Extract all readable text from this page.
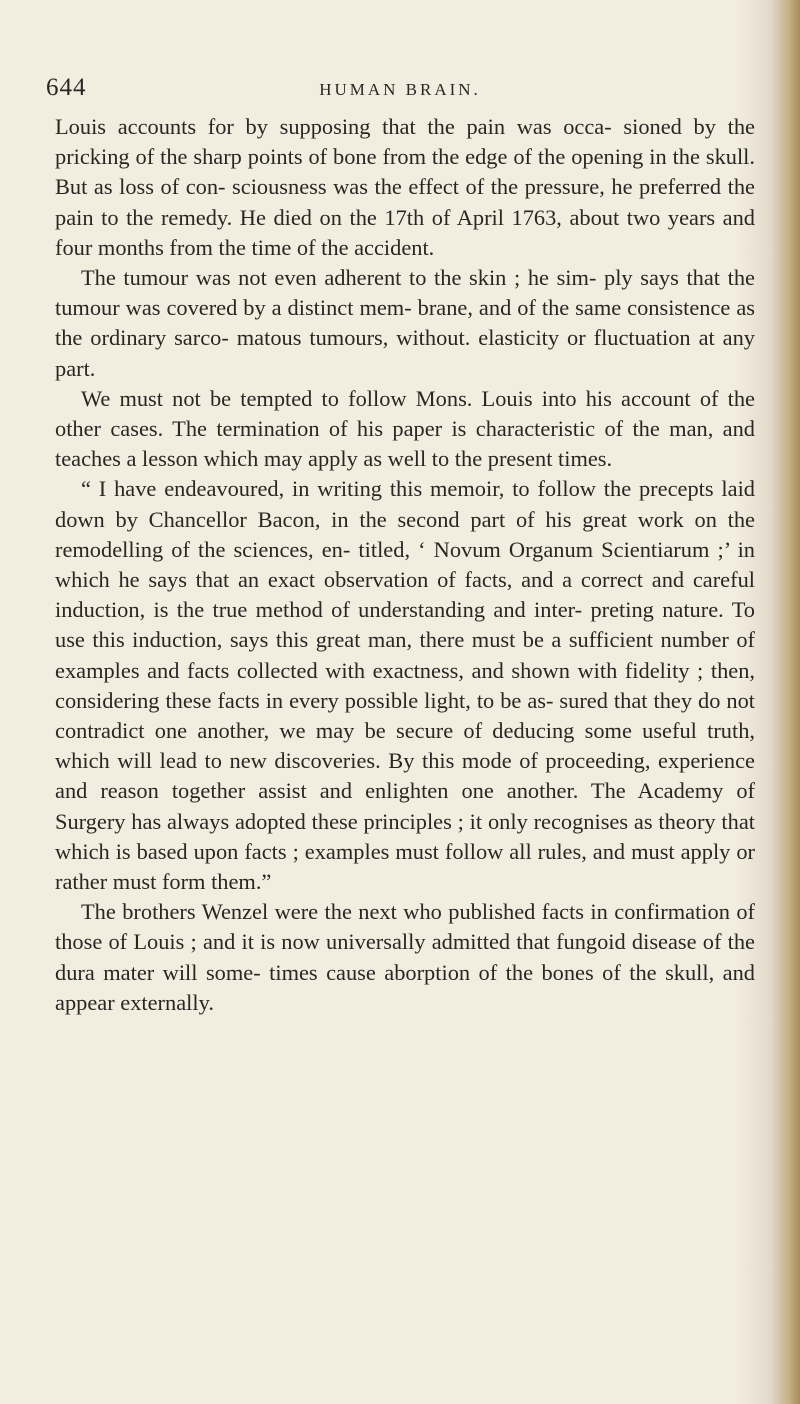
644	HUMAN BRAIN.

Louis accounts for by supposing that the pain was occa- sioned by the pricking of the sharp points of bone from the edge of the opening in the skull. But as loss of con- sciousness was the effect of the pressure, he preferred the pain to the remedy. He died on the 17th of April 1763, about two years and four months from the time of the accident.

The tumour was not even adherent to the skin ; he sim- ply says that the tumour was covered by a distinct mem- brane, and of the same consistence as the ordinary sarco- matous tumours, without. elasticity or fluctuation at any part.

We must not be tempted to follow Mons. Louis into his account of the other cases. The termination of his paper is characteristic of the man, and teaches a lesson which may apply as well to the present times.

“ I have endeavoured, in writing this memoir, to follow the precepts laid down by Chancellor Bacon, in the second part of his great work on the remodelling of the sciences, en- titled, ‘ Novum Organum Scientiarum ;’ in which he says that an exact observation of facts, and a correct and careful induction, is the true method of understanding and inter- preting nature. To use this induction, says this great man, there must be a sufficient number of examples and facts collected with exactness, and shown with fidelity ; then, considering these facts in every possible light, to be as- sured that they do not contradict one another, we may be secure of deducing some useful truth, which will lead to new discoveries. By this mode of proceeding, experience and reason together assist and enlighten one another. The Academy of Surgery has always adopted these principles ; it only recognises as theory that which is based upon facts ; examples must follow all rules, and must apply or rather must form them.”

The brothers Wenzel were the next who published facts in confirmation of those of Louis ; and it is now universally admitted that fungoid disease of the dura mater will some- times cause aborption of the bones of the skull, and appear externally.
